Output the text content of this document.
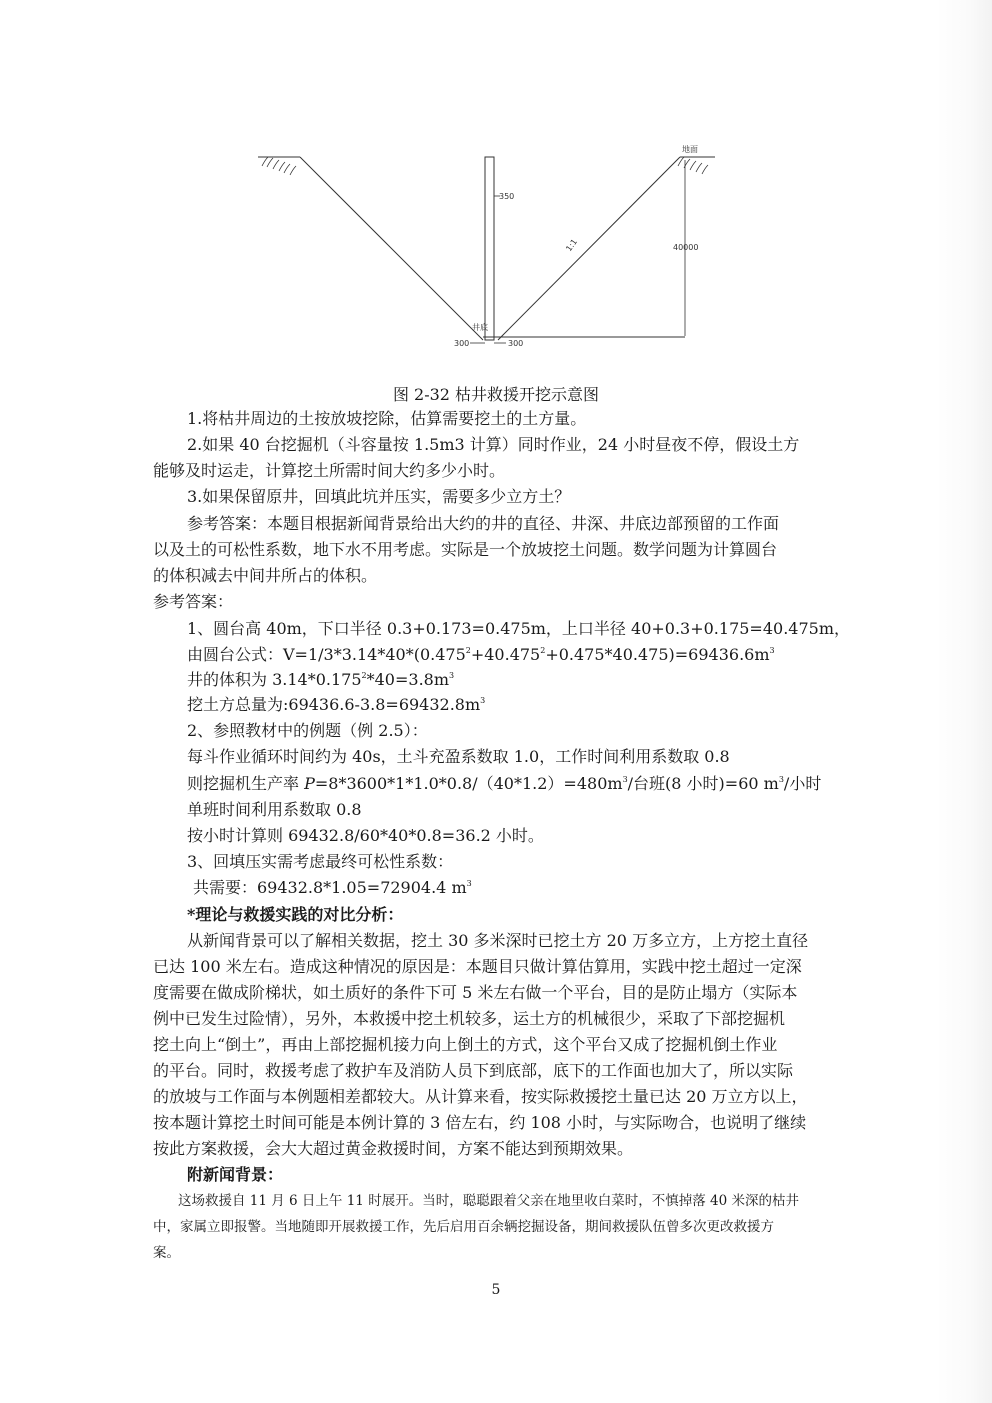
350
1:1
地面
40000
井底
300	300
图 2-32 枯井救援开挖示意图
1.将枯井周边的土按放坡挖除，估算需要挖土的土方量。
2.如果 40 台挖掘机（斗容量按 1.5m3 计算）同时作业，24 小时昼夜不停，假设土方
能够及时运走，计算挖土所需时间大约多少小时。
3.如果保留原井，回填此坑并压实，需要多少立方土？
参考答案：本题目根据新闻背景给出大约的井的直径、井深、井底边部预留的工作面
以及土的可松性系数，地下水不用考虑。实际是一个放坡挖土问题。数学问题为计算圆台
的体积减去中间井所占的体积。
参考答案：
1、圆台高 40m，下口半径 0.3+0.173=0.475m，上口半径 40+0.3+0.175=40.475m，
由圆台公式：$V=1/3*3.14*40*(0.475^2+40.475^2+0.475*40.475)=69436.6m^3$
井的体积为 $3.14*0.175^2*40=3.8m^3$
挖土方总量为$:69436.6-3.8=69432.8m^3$
2、参照教材中的例题（例 2.5）：
每斗作业循环时间约为 40s，土斗充盈系数取 1.0，工作时间利用系数取 0.8
则挖掘机生产率 $P=8*3600*1*1.0*0.8/(40*1.2)=480m^3/$台班(8 小时)=60 $m^3/$小时
单班时间利用系数取 0.8
按小时计算则 69432.8/60*40*0.8=36.2 小时。
3、回填压实需考虑最终可松性系数：
共需要：69432.8*1.05=72904.4 $m^3$
*理论与救援实践的对比分析：
从新闻背景可以了解相关数据，挖土 30 多米深时已挖土方 20 万多立方，上方挖土直径
已达 100 米左右。造成这种情况的原因是：本题目只做计算估算用，实践中挖土超过一定深
度需要在做成阶梯状，如土质好的条件下可 5 米左右做一个平台，目的是防止塌方（实际本
例中已发生过险情），另外，本救援中挖土机较多，运土方的机械很少，采取了下部挖掘机
挖土向上“倒土”，再由上部挖掘机接力向上倒土的方式，这个平台又成了挖掘机倒土作业
的平台。同时，救援考虑了救护车及消防人员下到底部，底下的工作面也加大了，所以实际
的放坡与工作面与本例题相差都较大。从计算来看，按实际救援挖土量已达 20 万立方以上，
按本题计算挖土时间可能是本例计算的 3 倍左右，约 108 小时，与实际吻合，也说明了继续
按此方案救援，会大大超过黄金救援时间，方案不能达到预期效果。
附新闻背景：
这场救援自 11 月 6 日上午 11 时展开。当时，聪聪跟着父亲在地里收白菜时，不慎掉落 40 米深的枯井
中，家属立即报警。当地随即开展救援工作，先后启用百余辆挖掘设备，期间救援队伍曾多次更改救援方
案。
5
